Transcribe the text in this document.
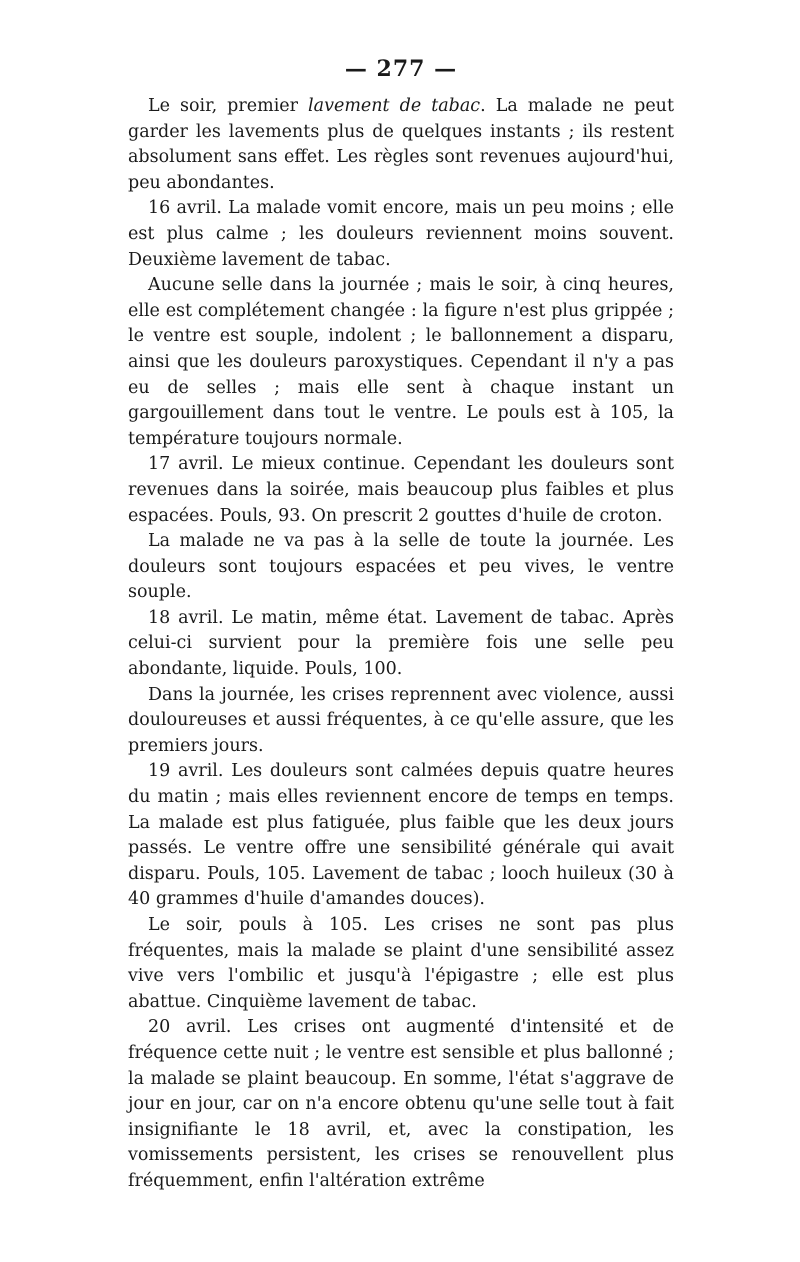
— 277 —

Le soir, premier lavement de tabac. La malade ne peut garder les lavements plus de quelques instants ; ils restent absolument sans effet. Les règles sont revenues aujourd'hui, peu abondantes.

16 avril. La malade vomit encore, mais un peu moins ; elle est plus calme ; les douleurs reviennent moins souvent. Deuxième lavement de tabac.

Aucune selle dans la journée ; mais le soir, à cinq heures, elle est complétement changée : la figure n'est plus grippée ; le ventre est souple, indolent ; le ballonnement a disparu, ainsi que les douleurs paroxystiques. Cependant il n'y a pas eu de selles ; mais elle sent à chaque instant un gargouillement dans tout le ventre. Le pouls est à 105, la température toujours normale.

17 avril. Le mieux continue. Cependant les douleurs sont revenues dans la soirée, mais beaucoup plus faibles et plus espacées. Pouls, 93. On prescrit 2 gouttes d'huile de croton.

La malade ne va pas à la selle de toute la journée. Les douleurs sont toujours espacées et peu vives, le ventre souple.

18 avril. Le matin, même état. Lavement de tabac. Après celui-ci survient pour la première fois une selle peu abondante, liquide. Pouls, 100.

Dans la journée, les crises reprennent avec violence, aussi douloureuses et aussi fréquentes, à ce qu'elle assure, que les premiers jours.

19 avril. Les douleurs sont calmées depuis quatre heures du matin ; mais elles reviennent encore de temps en temps. La malade est plus fatiguée, plus faible que les deux jours passés. Le ventre offre une sensibilité générale qui avait disparu. Pouls, 105. Lavement de tabac ; looch huileux (30 à 40 grammes d'huile d'amandes douces).

Le soir, pouls à 105. Les crises ne sont pas plus fréquentes, mais la malade se plaint d'une sensibilité assez vive vers l'ombilic et jusqu'à l'épigastre ; elle est plus abattue. Cinquième lavement de tabac.

20 avril. Les crises ont augmenté d'intensité et de fréquence cette nuit ; le ventre est sensible et plus ballonné ; la malade se plaint beaucoup. En somme, l'état s'aggrave de jour en jour, car on n'a encore obtenu qu'une selle tout à fait insignifiante le 18 avril, et, avec la constipation, les vomissements persistent, les crises se renouvellent plus fréquemment, enfin l'altération extrême
